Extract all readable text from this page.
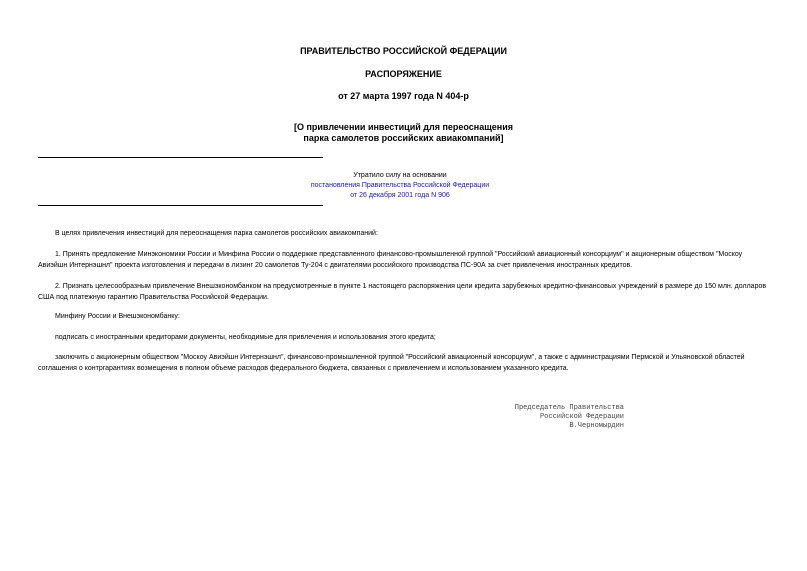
ПРАВИТЕЛЬСТВО РОССИЙСКОЙ ФЕДЕРАЦИИ
РАСПОРЯЖЕНИЕ
от 27 марта 1997 года N 404-р
[О привлечении инвестиций для переоснащения
парка самолетов российских авиакомпаний]
Утратило силу на основании
постановления Правительства Российской Федерации
от 26 декабря 2001 года N 906
В целях привлечения инвестиций для переоснащения парка самолетов российских авиакомпаний:
1. Принять предложение Минэкономики России и Минфина России о поддержке представленного финансово-промышленной группой "Российский авиационный консорциум" и акционерным обществом "Москоу Авиэйшн Интернэшнл" проекта изготовления и передачи в лизинг 20 самолетов Ту-204 с двигателями российского производства ПС-90А за счет привлечения иностранных кредитов.
2. Признать целесообразным привлечение Внешэкономбанком на предусмотренные в пункте 1 настоящего распоряжения цели кредита зарубежных кредитно-финансовых учреждений в размере до 150 млн. долларов США под платежную гарантию Правительства Российской Федерации.
Минфину России и Внешэкономбанку:
подписать с иностранными кредиторами документы, необходимые для привлечения и использования этого кредита;
заключить с акционерным обществом "Москоу Авиэйшн Интернэшнл", финансово-промышленной группой "Российский авиационный консорциум", а также с администрациями Пермской и Ульяновской областей соглашения о контргарантиях возмещения в полном объеме расходов федерального бюджета, связанных с привлечением и использованием указанного кредита.
Председатель Правительства
Российской Федерации
В.Черномырдин
